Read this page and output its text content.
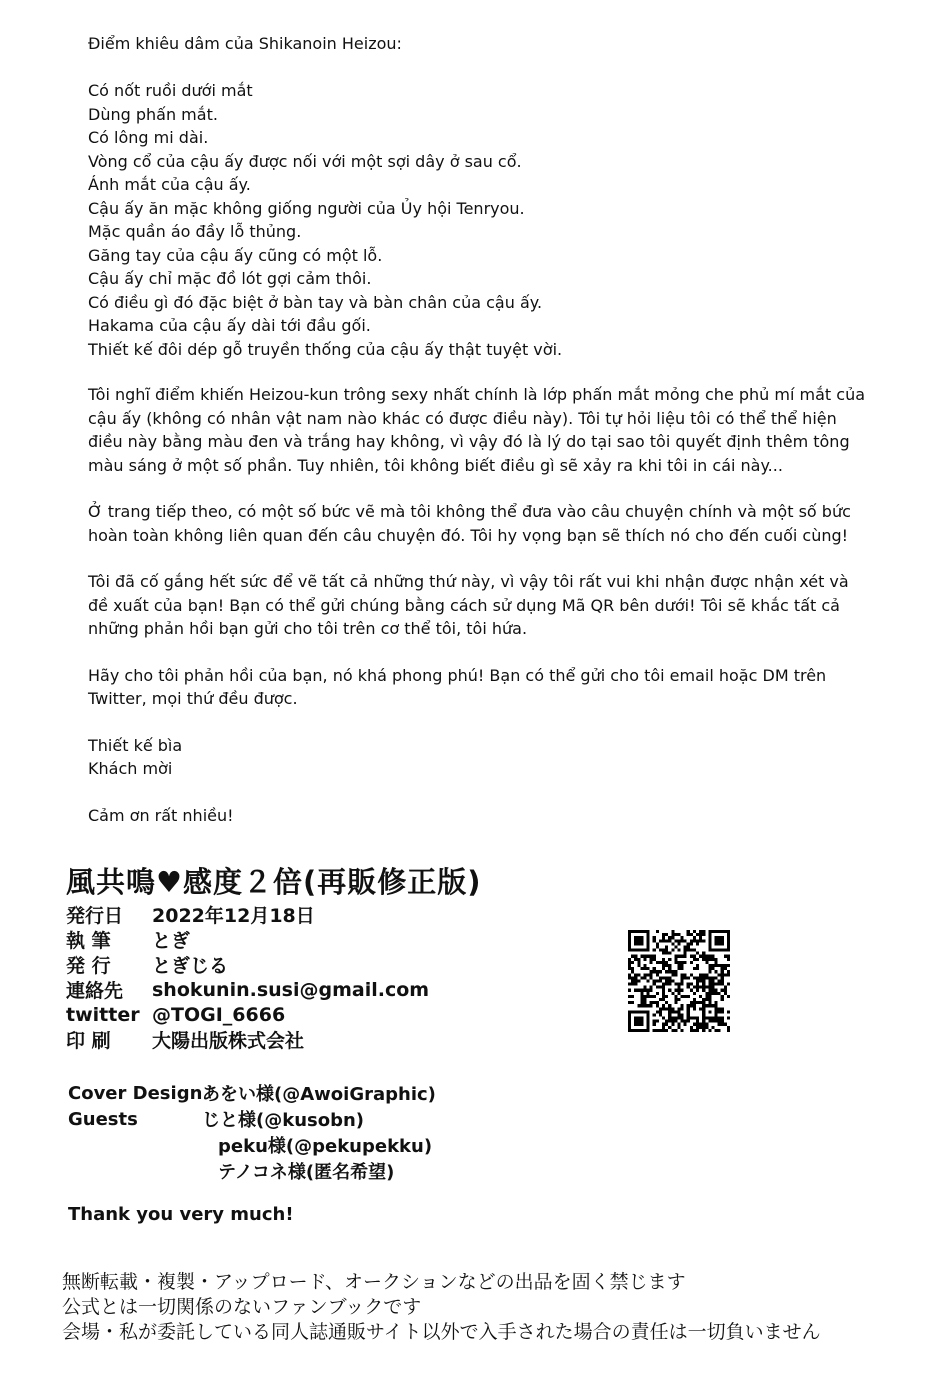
Điểm khiêu dâm của Shikanoin Heizou:
Có nốt ruồi dưới mắt
Dùng phấn mắt.
Có lông mi dài.
Vòng cổ của cậu ấy được nối với một sợi dây ở sau cổ.
Ánh mắt của cậu ấy.
Cậu ấy ăn mặc không giống người của Ủy hội Tenryou.
Mặc quần áo đầy lỗ thủng.
Găng tay của cậu ấy cũng có một lỗ.
Cậu ấy chỉ mặc đồ lót gợi cảm thôi.
Có điều gì đó đặc biệt ở bàn tay và bàn chân của cậu ấy.
Hakama của cậu ấy dài tới đầu gối.
Thiết kế đôi dép gỗ truyền thống của cậu ấy thật tuyệt vời.
Tôi nghĩ điểm khiến Heizou-kun trông sexy nhất chính là lớp phấn mắt mỏng che phủ mí mắt của
cậu ấy (không có nhân vật nam nào khác có được điều này). Tôi tự hỏi liệu tôi có thể thể hiện
điều này bằng màu đen và trắng hay không, vì vậy đó là lý do tại sao tôi quyết định thêm tông
màu sáng ở một số phần. Tuy nhiên, tôi không biết điều gì sẽ xảy ra khi tôi in cái này...
Ở trang tiếp theo, có một số bức vẽ mà tôi không thể đưa vào câu chuyện chính và một số bức
hoàn toàn không liên quan đến câu chuyện đó. Tôi hy vọng bạn sẽ thích nó cho đến cuối cùng!
Tôi đã cố gắng hết sức để vẽ tất cả những thứ này, vì vậy tôi rất vui khi nhận được nhận xét và
đề xuất của bạn! Bạn có thể gửi chúng bằng cách sử dụng Mã QR bên dưới! Tôi sẽ khắc tất cả
những phản hồi bạn gửi cho tôi trên cơ thể tôi, tôi hứa.
Hãy cho tôi phản hồi của bạn, nó khá phong phú! Bạn có thể gửi cho tôi email hoặc DM trên
Twitter, mọi thứ đều được.
Thiết kế bìa
Khách mời
Cảm ơn rất nhiều!
風共鳴♥感度２倍(再販修正版)
発行日	2022年12月18日
執 筆	とぎ
発 行	とぎじる
連絡先	shokunin.susi@gmail.com
twitter @TOGI_6666
印 刷	大陽出版株式会社
Cover Design あをい様(@AwoiGraphic)
Guests	じと様(@kusobn)
peku様(@pekupekku)
テノコネ様(匿名希望)
Thank you very much!
無断転載・複製・アップロード、オークションなどの出品を固く禁じます
公式とは一切関係のないファンブックです
会場・私が委託している同人誌通販サイト以外で入手された場合の責任は一切負いません
